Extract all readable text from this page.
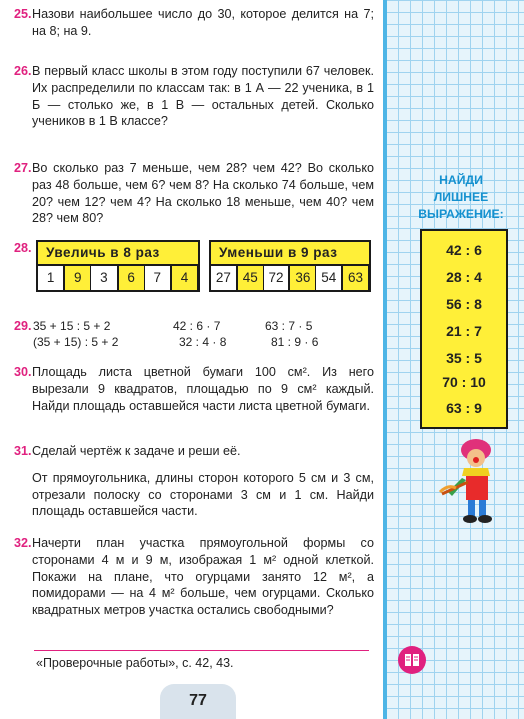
25. Назови наибольшее число до 30, которое делится на 7; на 8; на 9.
26. В первый класс школы в этом году поступили 67 человек. Их распределили по классам так: в 1 А — 22 ученика, в 1 Б — столько же, в 1 В — остальных детей. Сколько учеников в 1 В классе?
27. Во сколько раз 7 меньше, чем 28? чем 42? Во сколько раз 48 больше, чем 6? чем 8? На сколько 74 больше, чем 20? чем 12? чем 4? На сколько 18 меньше, чем 40? чем 28? чем 80?
28.	Увеличь в 8 раз
1	9	3	6	7	4
Уменьши в 9 раз
27 45 72 36 54 63
29. 35 + 15 : 5 + 2	42 : 6 · 7	63 : 7 · 5
(35 + 15) : 5 + 2	32 : 4 · 8	81 : 9 · 6
30. Площадь листа цветной бумаги 100 см². Из него вырезали 9 квадратов, площадью по 9 см² каждый. Найди площадь оставшейся части листа цветной бумаги.
31. Сделай чертёж к задаче и реши её.
От прямоугольника, длины сторон которого 5 см и 3 см, отрезали полоску со сторонами 3 см и 1 см. Найди площадь оставшейся части.
32. Начерти план участка прямоугольной формы со сторонами 4 м и 9 м, изображая 1 м² одной клеткой. Покажи на плане, что огурцами занято 12 м², а помидорами — на 4 м² больше, чем огурцами. Сколько квадратных метров участка остались свободными?
«Проверочные работы», с. 42, 43.
77
НАЙДИ
ЛИШНЕЕ
ВЫРАЖЕНИЕ:
42 : 6
28 : 4
56 : 8
21 : 7
35 : 5
70 : 10
63 : 9
